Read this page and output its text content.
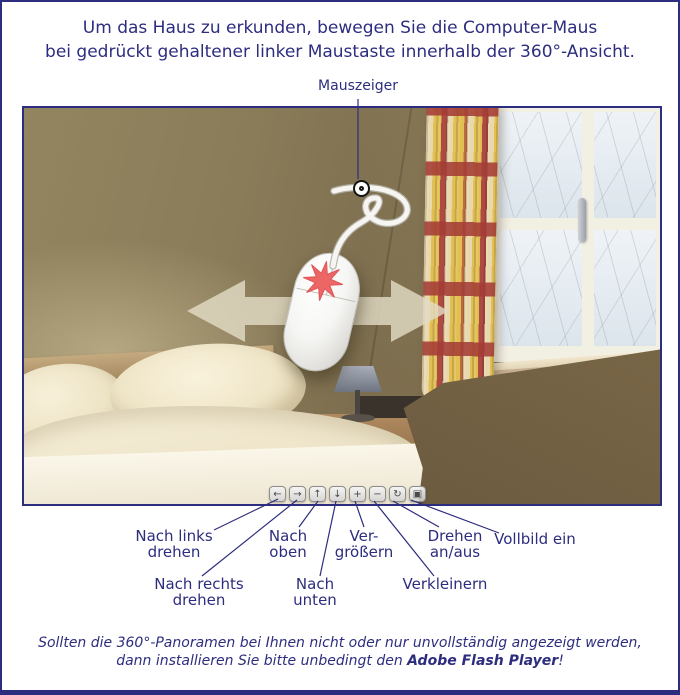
Um das Haus zu erkunden, bewegen Sie die Computer-Maus
bei gedrückt gehaltener linker Maustaste innerhalb der 360°-Ansicht.
Mauszeiger
← → ↑ ↓ + − ↻ ▣
Nach links
drehen
Nach rechts
drehen
Nach
oben
Nach
unten
Ver-
größern
Verkleinern
Drehen
an/aus
Vollbild ein
Sollten die 360°-Panoramen bei Ihnen nicht oder nur unvollständig angezeigt werden,
dann installieren Sie bitte unbedingt den Adobe Flash Player!
